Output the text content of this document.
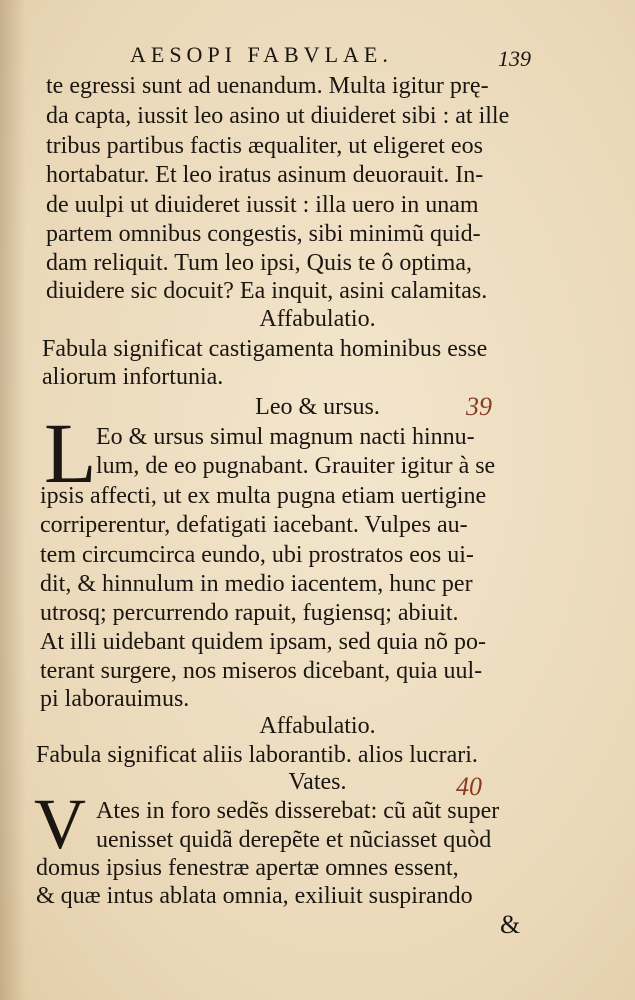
AESOPI FABVLAE.	139
te egressi sunt ad uenandum. Multa igitur prę-
da capta, iussit leo asino ut diuideret sibi : at ille
tribus partibus factis æqualiter, ut eligeret eos
hortabatur. Et leo iratus asinum deuorauit. In-
de uulpi ut diuideret iussit : illa uero in unam
partem omnibus congestis, sibi minimũ quid-
dam reliquit. Tum leo ipsi, Quis te ô optima,
diuidere sic docuit? Ea inquit, asini calamitas.
Affabulatio.
Fabula significat castigamenta hominibus esse
aliorum infortunia.
Leo & ursus.	39
L Eo & ursus simul magnum nacti hinnu-
lum, de eo pugnabant. Grauiter igitur à se
ipsis affecti, ut ex multa pugna etiam uertigine
corriperentur, defatigati iacebant. Vulpes au-
tem circumcirca eundo, ubi prostratos eos ui-
dit, & hinnulum in medio iacentem, hunc per
utrosq; percurrendo rapuit, fugiensq; abiuit.
At illi uidebant quidem ipsam, sed quia nõ po-
terant surgere, nos miseros dicebant, quia uul-
pi laborauimus.
Affabulatio.
Fabula significat aliis laborantib. alios lucrari.
Vates.	40
V Ates in foro sedẽs disserebat: cũ aũt super
uenisset quidã derepẽte et nũciasset quòd
domus ipsius fenestræ apertæ omnes essent,
& quæ intus ablata omnia, exiliuit suspirando
&
